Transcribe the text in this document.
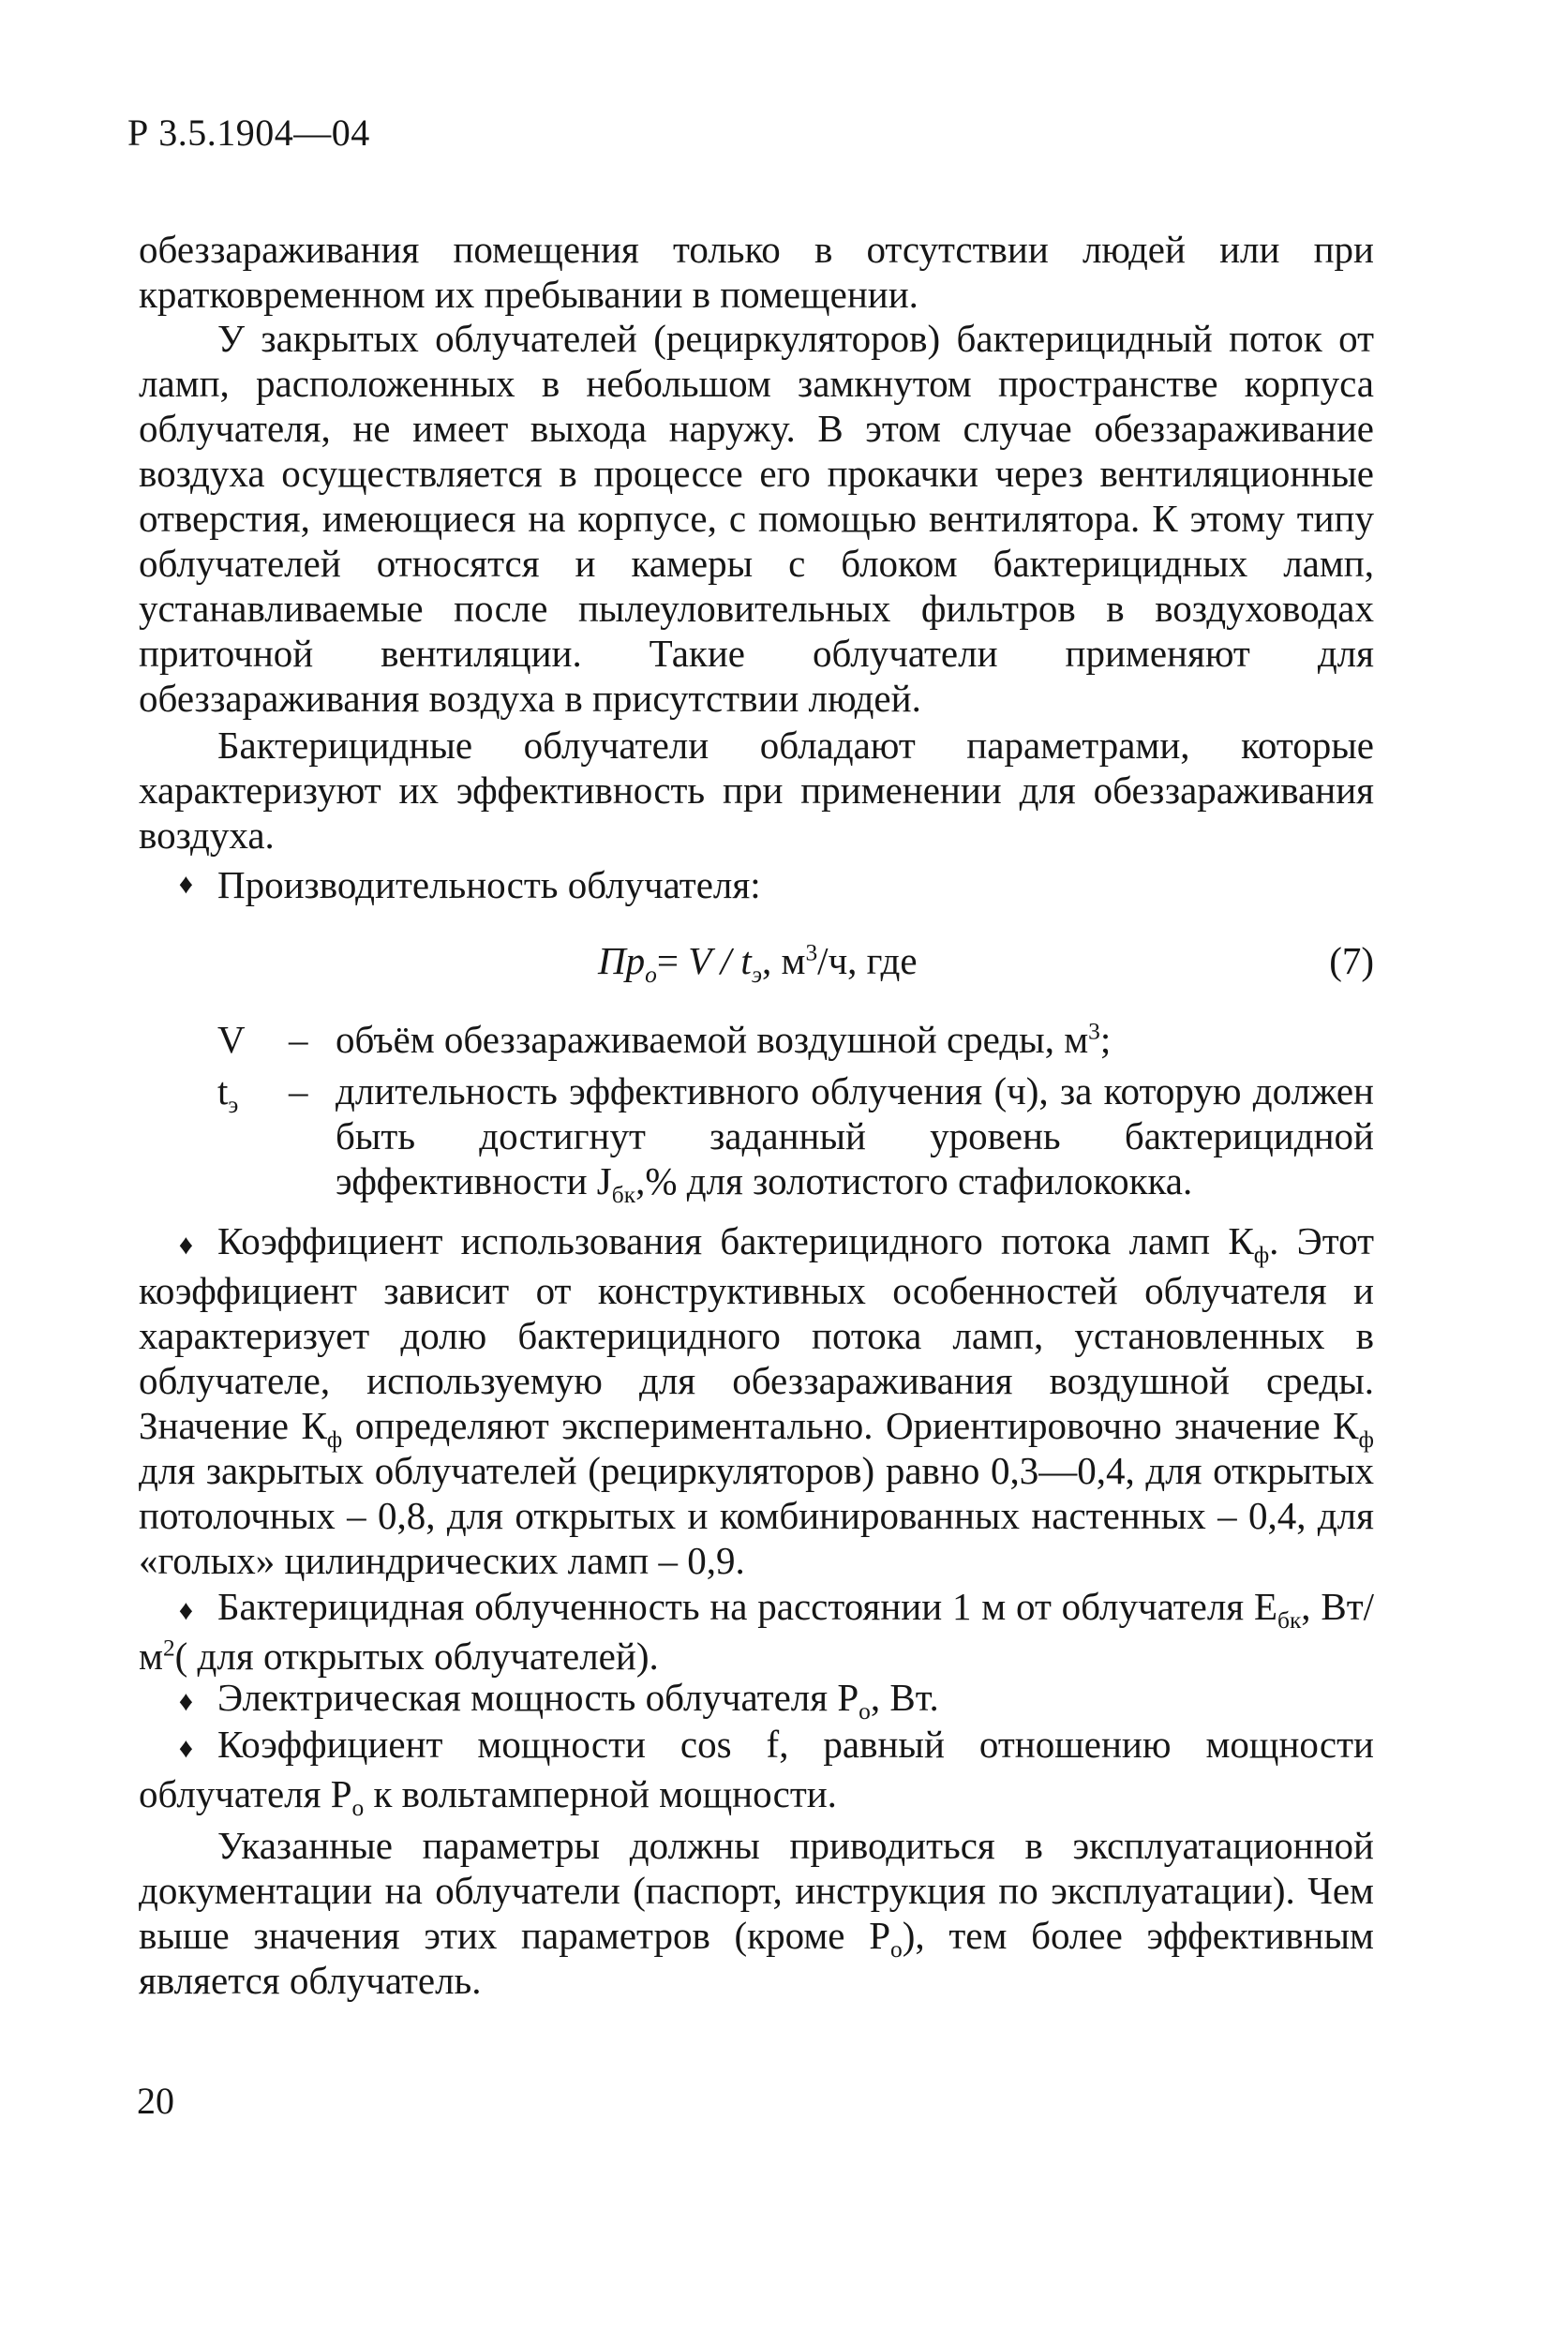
Р 3.5.1904—04

обеззараживания помещения только в отсутствии людей или при кратковременном их пребывании в помещении.

У закрытых облучателей (рециркуляторов) бактерицидный поток от ламп, расположенных в небольшом замкнутом пространстве корпуса облучателя, не имеет выхода наружу. В этом случае обеззараживание воздуха осуществляется в процессе его прокачки через вентиляционные отверстия, имеющиеся на корпусе, с помощью вентилятора. К этому типу облучателей относятся и камеры с блоком бактерицидных ламп, устанавливаемые после пылеуловительных фильтров в воздуховодах приточной вентиляции. Такие облучатели применяют для обеззараживания воздуха в присутствии людей.

Бактерицидные облучатели обладают параметрами, которые характеризуют их эффективность при применении для обеззараживания воздуха.

♦ Производительность облучателя:
$Пр_о= V / t_э$, $м^3/ч$, где	(7)
V	– объём обеззараживаемой воздушной среды, $м^3$;
$t_э$	– длительность эффективного облучения (ч), за которую должен быть достигнут заданный уровень бактерицидной эффективности $J_{бк},\%$ для золотистого стафилококка.
♦ Коэффициент использования бактерицидного потока ламп $К_ф$. Этот коэффициент зависит от конструктивных особенностей облучателя и характеризует долю бактерицидного потока ламп, установленных в облучателе, используемую для обеззараживания воздушной среды. Значение $К_ф$ определяют экспериментально. Ориентировочно значение $К_ф$ для закрытых облучателей (рециркуляторов) равно 0,3—0,4, для открытых потолочных – 0,8, для открытых и комбинированных настенных – 0,4, для «голых» цилиндрических ламп – 0,9.
♦ Бактерицидная облученность на расстоянии 1 м от облучателя $Е_{бк}$, $Вт/м^2$( для открытых облучателей).
♦ Электрическая мощность облучателя $Р_о$, Вт.
♦ Коэффициент мощности cos f, равный отношению мощности облучателя $Р_о$ к вольтамперной мощности.

Указанные параметры должны приводиться в эксплуатационной документации на облучатели (паспорт, инструкция по эксплуатации). Чем выше значения этих параметров (кроме $Р_о$), тем более эффективным является облучатель.

20
